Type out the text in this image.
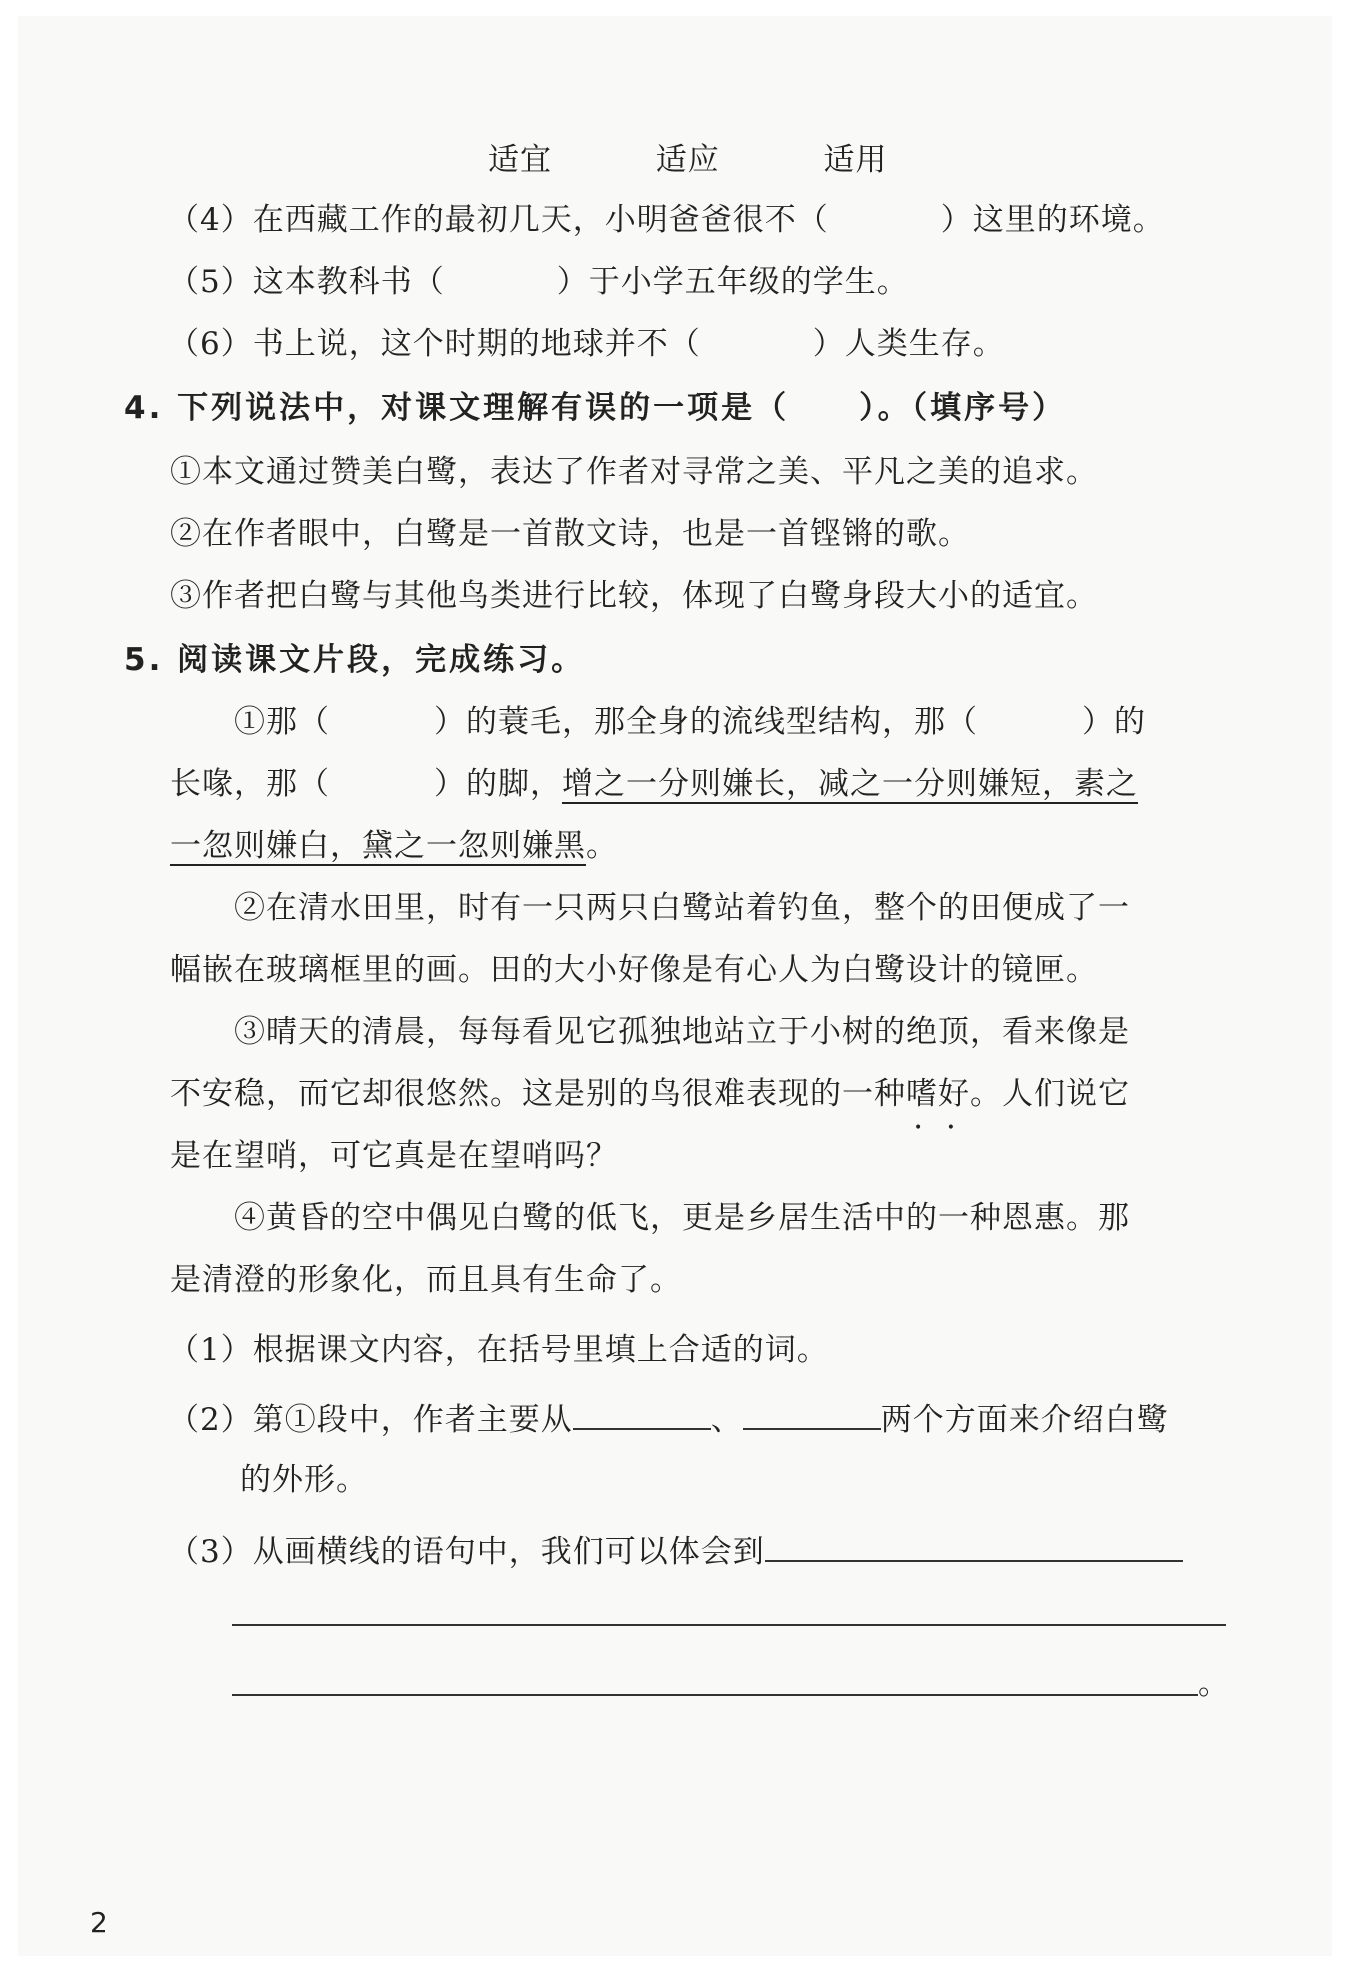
适宜	适应	适用
（4）在西藏工作的最初几天，小明爸爸很不（	）这里的环境。
（5）这本教科书（	）于小学五年级的学生。
（6）书上说，这个时期的地球并不（	）人类生存。
4. 下列说法中，对课文理解有误的一项是（ ）。（填序号）
①本文通过赞美白鹭，表达了作者对寻常之美、平凡之美的追求。
②在作者眼中，白鹭是一首散文诗，也是一首铿锵的歌。
③作者把白鹭与其他鸟类进行比较，体现了白鹭身段大小的适宜。
5. 阅读课文片段，完成练习。
①那（	）的蓑毛，那全身的流线型结构，那（	）的
长喙，那（	）的脚，增之一分则嫌长，减之一分则嫌短，素之
一忽则嫌白，黛之一忽则嫌黑。
②在清水田里，时有一只两只白鹭站着钓鱼，整个的田便成了一
幅嵌在玻璃框里的画。田的大小好像是有心人为白鹭设计的镜匣。
③晴天的清晨，每每看见它孤独地站立于小树的绝顶，看来像是
不安稳，而它却很悠然。这是别的鸟很难表现的一种嗜好 • •。人们说它
是在望哨，可它真是在望哨吗？
④黄昏的空中偶见白鹭的低飞，更是乡居生活中的一种恩惠。那
是清澄的形象化，而且具有生命了。
（1）根据课文内容，在括号里填上合适的词。
（2）第①段中，作者主要从	、	两个方面来介绍白鹭
的外形。
（3）从画横线的语句中，我们可以体会到
。
2
